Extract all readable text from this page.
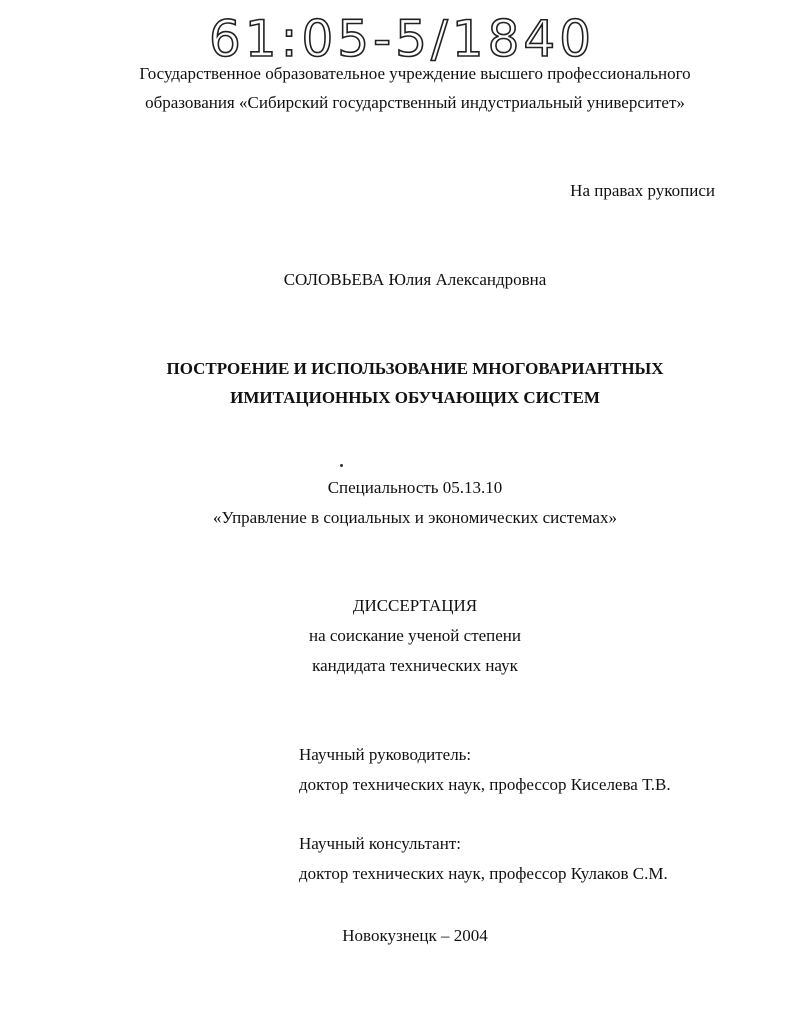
61:05-5/1840
Государственное образовательное учреждение высшего профессионального
образования «Сибирский государственный индустриальный университет»
На правах рукописи
СОЛОВЬЕВА Юлия Александровна
ПОСТРОЕНИЕ И ИСПОЛЬЗОВАНИЕ МНОГОВАРИАНТНЫХ
ИМИТАЦИОННЫХ ОБУЧАЮЩИХ СИСТЕМ
Специальность 05.13.10
«Управление в социальных и экономических системах»
ДИССЕРТАЦИЯ
на соискание ученой степени
кандидата технических наук
Научный руководитель:
доктор технических наук, профессор Киселева Т.В.
Научный консультант:
доктор технических наук, профессор Кулаков С.М.
Новокузнецк – 2004
